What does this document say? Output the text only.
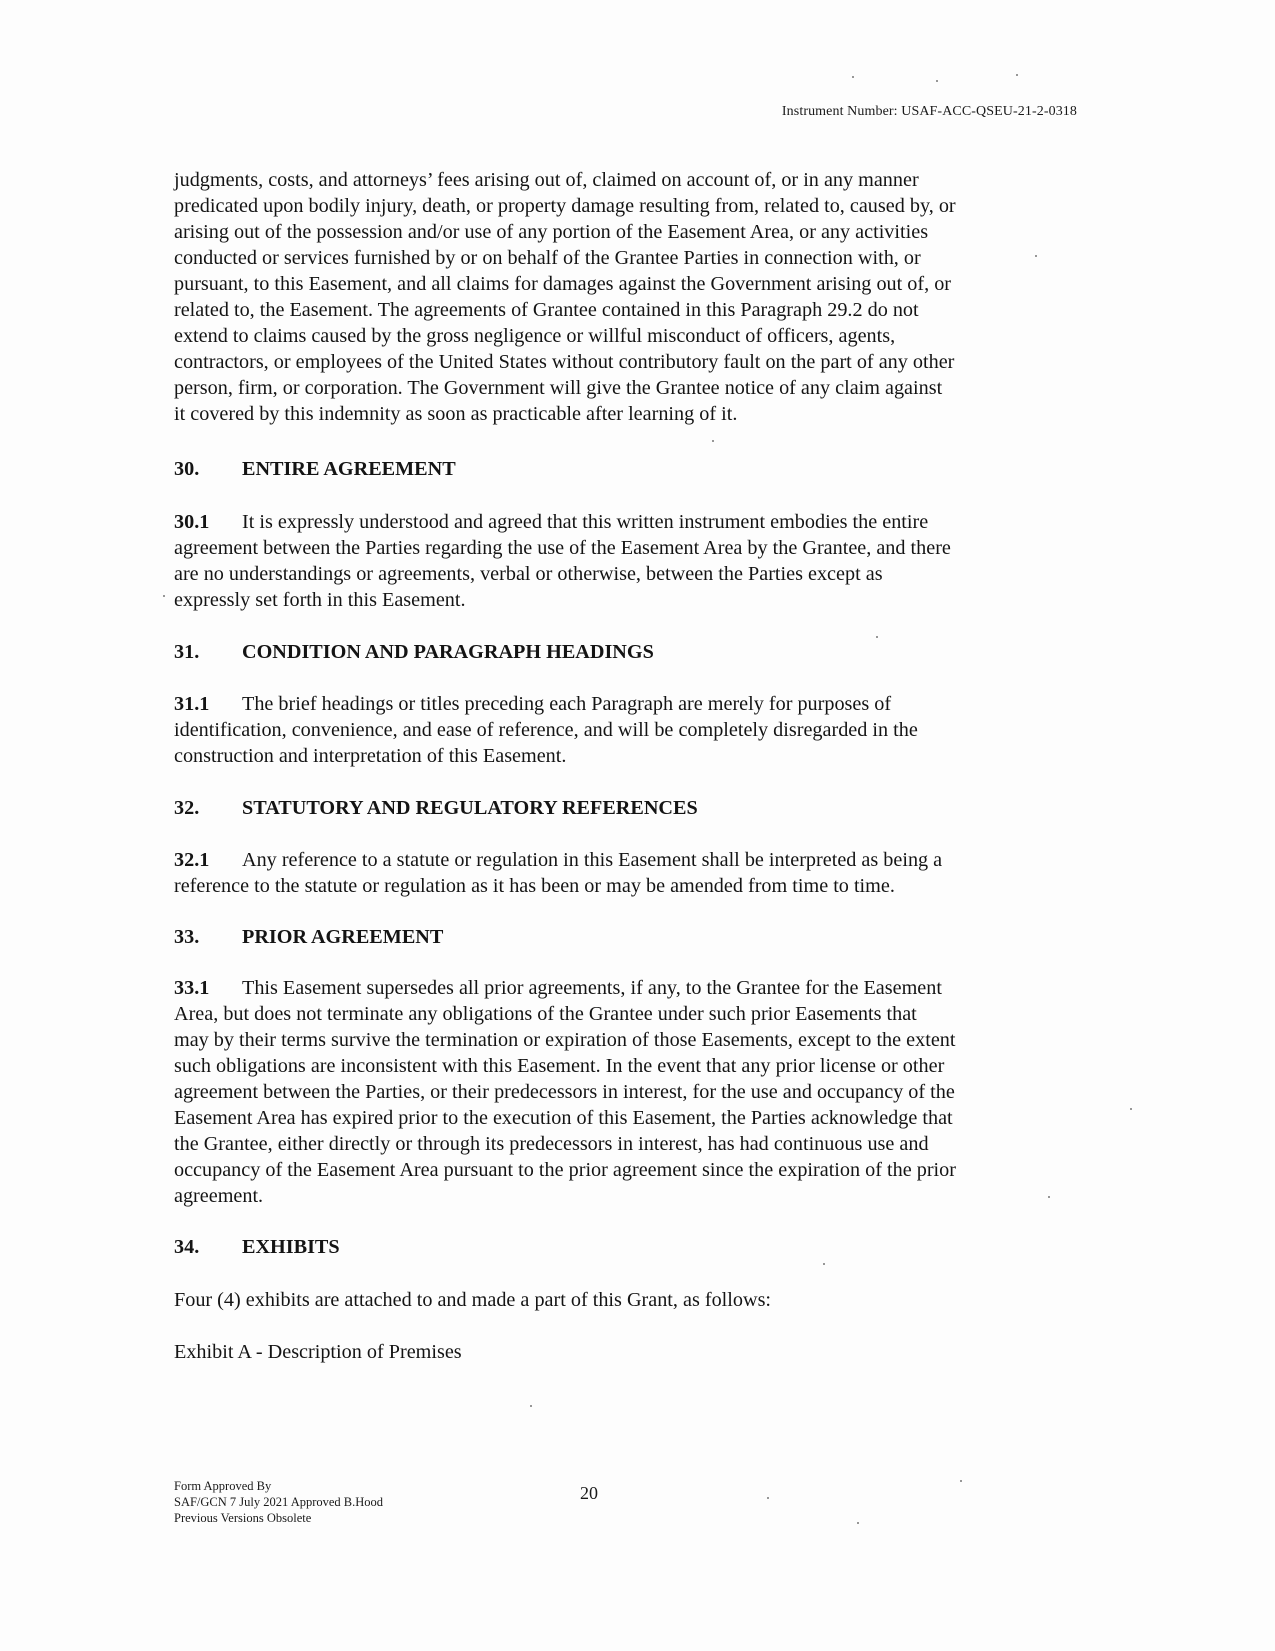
Instrument Number: USAF-ACC-QSEU-21-2-0318
judgments, costs, and attorneys’ fees arising out of, claimed on account of, or in any manner
predicated upon bodily injury, death, or property damage resulting from, related to, caused by, or
arising out of the possession and/or use of any portion of the Easement Area, or any activities
conducted or services furnished by or on behalf of the Grantee Parties in connection with, or
pursuant, to this Easement, and all claims for damages against the Government arising out of, or
related to, the Easement. The agreements of Grantee contained in this Paragraph 29.2 do not
extend to claims caused by the gross negligence or willful misconduct of officers, agents,
contractors, or employees of the United States without contributory fault on the part of any other
person, firm, or corporation. The Government will give the Grantee notice of any claim against
it covered by this indemnity as soon as practicable after learning of it.
30.	ENTIRE AGREEMENT
30.1 It is expressly understood and agreed that this written instrument embodies the entire
agreement between the Parties regarding the use of the Easement Area by the Grantee, and there
are no understandings or agreements, verbal or otherwise, between the Parties except as
expressly set forth in this Easement.
31.	CONDITION AND PARAGRAPH HEADINGS
31.1 The brief headings or titles preceding each Paragraph are merely for purposes of
identification, convenience, and ease of reference, and will be completely disregarded in the
construction and interpretation of this Easement.
32.	STATUTORY AND REGULATORY REFERENCES
32.1 Any reference to a statute or regulation in this Easement shall be interpreted as being a
reference to the statute or regulation as it has been or may be amended from time to time.
33.	PRIOR AGREEMENT
33.1 This Easement supersedes all prior agreements, if any, to the Grantee for the Easement
Area, but does not terminate any obligations of the Grantee under such prior Easements that
may by their terms survive the termination or expiration of those Easements, except to the extent
such obligations are inconsistent with this Easement. In the event that any prior license or other
agreement between the Parties, or their predecessors in interest, for the use and occupancy of the
Easement Area has expired prior to the execution of this Easement, the Parties acknowledge that
the Grantee, either directly or through its predecessors in interest, has had continuous use and
occupancy of the Easement Area pursuant to the prior agreement since the expiration of the prior
agreement.
34.	EXHIBITS
Four (4) exhibits are attached to and made a part of this Grant, as follows:
Exhibit A - Description of Premises
Form Approved By
SAF/GCN 7 July 2021 Approved B.Hood
Previous Versions Obsolete
20
